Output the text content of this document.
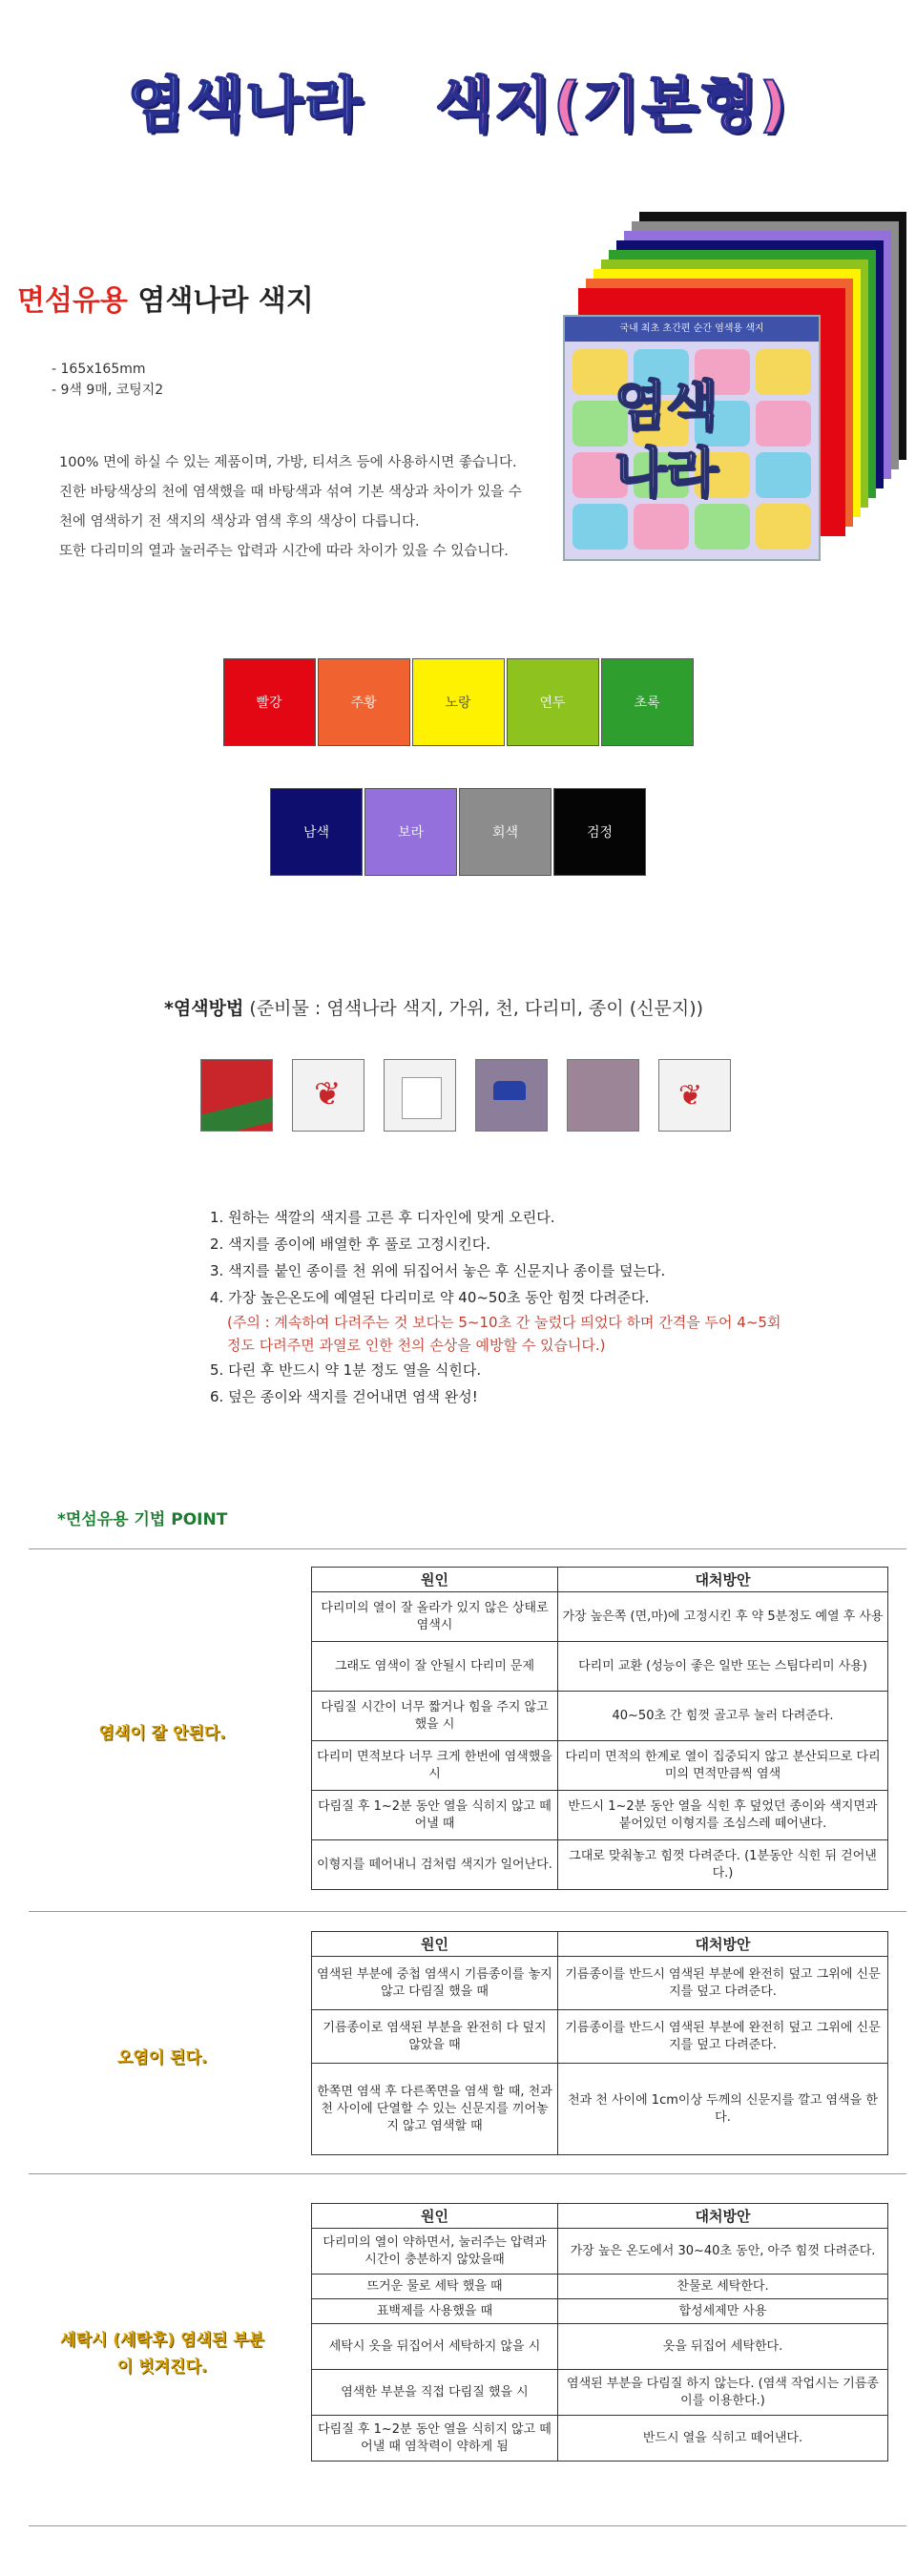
염색나라 색지(기본형)
면섬유용 염색나라 색지
- 165x165mm
- 9색 9매, 코팅지2
100% 면에 하실 수 있는 제품이며, 가방, 티셔츠 등에 사용하시면 좋습니다.
진한 바탕색상의 천에 염색했을 때 바탕색과 섞여 기본 색상과 차이가 있을 수
천에 염색하기 전 색지의 색상과 염색 후의 색상이 다릅니다.
또한 다리미의 열과 눌러주는 압력과 시간에 따라 차이가 있을 수 있습니다.
국내 최초 초간편 순간 염색용 색지
염색
나라
빨강	주황	노랑	연두	초록
남색	보라	회색	검정
*염색방법 (준비물 : 염색나라 색지, 가위, 천, 다리미, 종이 (신문지))
❦
❦
1. 원하는 색깔의 색지를 고른 후 디자인에 맞게 오린다.
2. 색지를 종이에 배열한 후 풀로 고정시킨다.
3. 색지를 붙인 종이를 천 위에 뒤집어서 놓은 후 신문지나 종이를 덮는다.
4. 가장 높은온도에 예열된 다리미로 약 40~50초 동안 힘껏 다려준다.
(주의 : 계속하여 다려주는 것 보다는 5~10초 간 눌렀다 띄었다 하며 간격을 두어 4~5회
정도 다려주면 과열로 인한 천의 손상을 예방할 수 있습니다.)
5. 다린 후 반드시 약 1분 정도 열을 식힌다.
6. 덮은 종이와 색지를 걷어내면 염색 완성!
*면섬유용 기법 POINT
염색이 잘 안된다.
원인	대처방안
다리미의 열이 잘 올라가 있지 않은 상태로 염색시	가장 높은쪽 (면,마)에 고정시킨 후 약 5분정도 예열 후 사용
그래도 염색이 잘 안될시 다리미 문제	다리미 교환 (성능이 좋은 일반 또는 스팀다리미 사용)
다림질 시간이 너무 짧거나 힘을 주지 않고 했을 시	40~50초 간 힘껏 골고루 눌러 다려준다.
다리미 면적보다 너무 크게 한번에 염색했을 시	다리미 면적의 한계로 열이 집중되지 않고 분산되므로 다리미의 면적만큼씩 염색
다림질 후 1~2분 동안 열을 식히지 않고 떼어낼 때	반드시 1~2분 동안 열을 식힌 후 덮었던 종이와 색지면과 붙어있던 이형지를 조심스레 떼어낸다.
이형지를 떼어내니 검처럼 색지가 일어난다.	그대로 맞춰놓고 힘껏 다려준다. (1분동안 식힌 뒤 걷어낸다.)
오염이 된다.
원인	대처방안
염색된 부분에 중첩 염색시 기름종이를 놓지 않고 다림질 했을 때	기름종이를 반드시 염색된 부분에 완전히 덮고 그위에 신문지를 덮고 다려준다.
기름종이로 염색된 부분을 완전히 다 덮지 않았을 때	기름종이를 반드시 염색된 부분에 완전히 덮고 그위에 신문지를 덮고 다려준다.
한쪽면 염색 후 다른쪽면을 염색 할 때, 천과 천 사이에 단열할 수 있는 신문지를 끼어놓지 않고 염색할 때	천과 천 사이에 1cm이상 두께의 신문지를 깔고 염색을 한다.
세탁시 (세탁후) 염색된 부분이 벗겨진다.
원인	대처방안
다리미의 열이 약하면서, 눌러주는 압력과 시간이 충분하지 않았을때	가장 높은 온도에서 30~40초 동안, 아주 힘껏 다려준다.
뜨거운 물로 세탁 했을 때	찬물로 세탁한다.
표백제를 사용했을 때	합성세제만 사용
세탁시 옷을 뒤집어서 세탁하지 않을 시	옷을 뒤집어 세탁한다.
염색한 부분을 직접 다림질 했을 시	염색된 부분을 다림질 하지 않는다. (염색 작업시는 기름종이를 이용한다.)
다림질 후 1~2분 동안 열을 식히지 않고 떼어낼 때 염착력이 약하게 됨	반드시 열을 식히고 떼어낸다.
